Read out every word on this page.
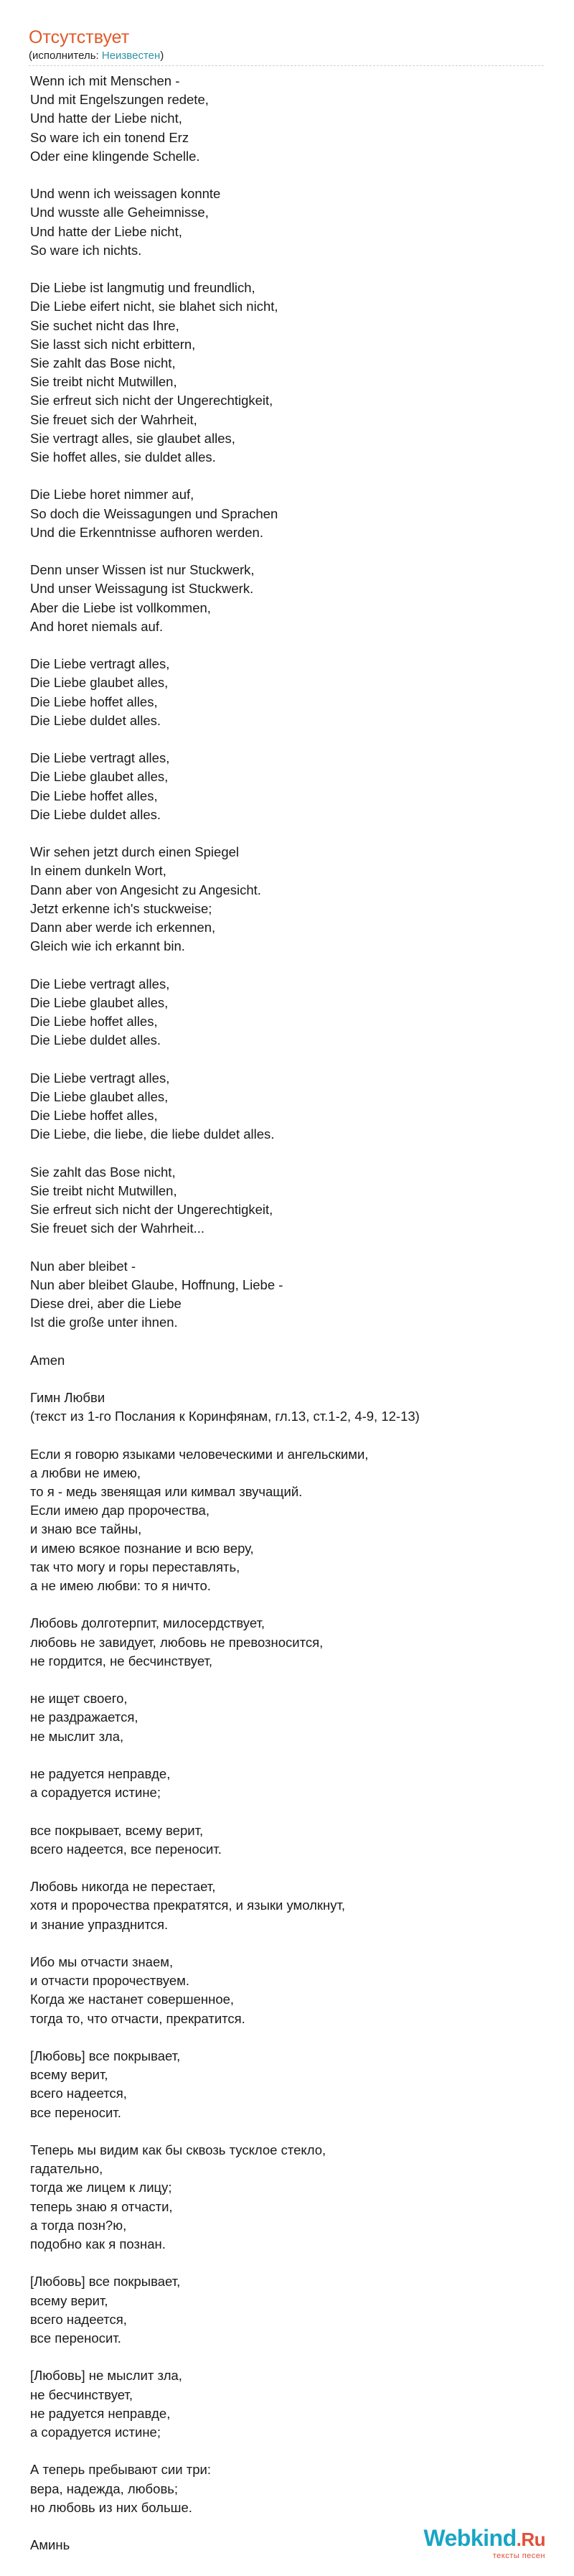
Отсутствует
(исполнитель: Неизвестен)
Wenn ich mit Menschen -
Und mit Engelszungen redete,
Und hatte der Liebe nicht,
So ware ich ein tonend Erz
Oder eine klingende Schelle.
Und wenn ich weissagen konnte
Und wusste alle Geheimnisse,
Und hatte der Liebe nicht,
So ware ich nichts.
Die Liebe ist langmutig und freundlich,
Die Liebe eifert nicht, sie blahet sich nicht,
Sie suchet nicht das Ihre,
Sie lasst sich nicht erbittern,
Sie zahlt das Bose nicht,
Sie treibt nicht Mutwillen,
Sie erfreut sich nicht der Ungerechtigkeit,
Sie freuet sich der Wahrheit,
Sie vertragt alles, sie glaubet alles,
Sie hoffet alles, sie duldet alles.
Die Liebe horet nimmer auf,
So doch die Weissagungen und Sprachen
Und die Erkenntnisse aufhoren werden.
Denn unser Wissen ist nur Stuckwerk,
Und unser Weissagung ist Stuckwerk.
Aber die Liebe ist vollkommen,
And horet niemals auf.
Die Liebe vertragt alles,
Die Liebe glaubet alles,
Die Liebe hoffet alles,
Die Liebe duldet alles.
Die Liebe vertragt alles,
Die Liebe glaubet alles,
Die Liebe hoffet alles,
Die Liebe duldet alles.
Wir sehen jetzt durch einen Spiegel
In einem dunkeln Wort,
Dann aber von Angesicht zu Angesicht.
Jetzt erkenne ich's stuckweise;
Dann aber werde ich erkennen,
Gleich wie ich erkannt bin.
Die Liebe vertragt alles,
Die Liebe glaubet alles,
Die Liebe hoffet alles,
Die Liebe duldet alles.
Die Liebe vertragt alles,
Die Liebe glaubet alles,
Die Liebe hoffet alles,
Die Liebe, die liebe, die liebe duldet alles.
Sie zahlt das Bose nicht,
Sie treibt nicht Mutwillen,
Sie erfreut sich nicht der Ungerechtigkeit,
Sie freuet sich der Wahrheit...
Nun aber bleibet -
Nun aber bleibet Glaube, Hoffnung, Liebe -
Diese drei, aber die Liebe
Ist die große unter ihnen.
Amen
Гимн Любви
(текст из 1-го Послания к Коринфянам, гл.13, ст.1-2, 4-9, 12-13)
Если я говорю языками человеческими и ангельскими,
а любви не имею,
то я - медь звенящая или кимвал звучащий.
Если имею дар пророчества,
и знаю все тайны,
и имею всякое познание и всю веру,
так что могу и горы переставлять,
а не имею любви: то я ничто.
Любовь долготерпит, милосердствует,
любовь не завидует, любовь не превозносится,
не гордится, не бесчинствует,
не ищет своего,
не раздражается,
не мыслит зла,
не радуется неправде,
а сорадуется истине;
все покрывает, всему верит,
всего надеется, все переносит.
Любовь никогда не перестает,
хотя и пророчества прекратятся, и языки умолкнут,
и знание упразднится.
Ибо мы отчасти знаем,
и отчасти пророчествуем.
Когда же настанет совершенное,
тогда то, что отчасти, прекратится.
[Любовь] все покрывает,
всему верит,
всего надеется,
все переносит.
Теперь мы видим как бы сквозь тусклое стекло,
гадательно,
тогда же лицем к лицу;
теперь знаю я отчасти,
а тогда позн?ю,
подобно как я познан.
[Любовь] все покрывает,
всему верит,
всего надеется,
все переносит.
[Любовь] не мыслит зла,
не бесчинствует,
не радуется неправде,
а сорадуется истине;
А теперь пребывают сии три:
вера, надежда, любовь;
но любовь из них больше.
Аминь	Webkind.Ru
тексты песен
